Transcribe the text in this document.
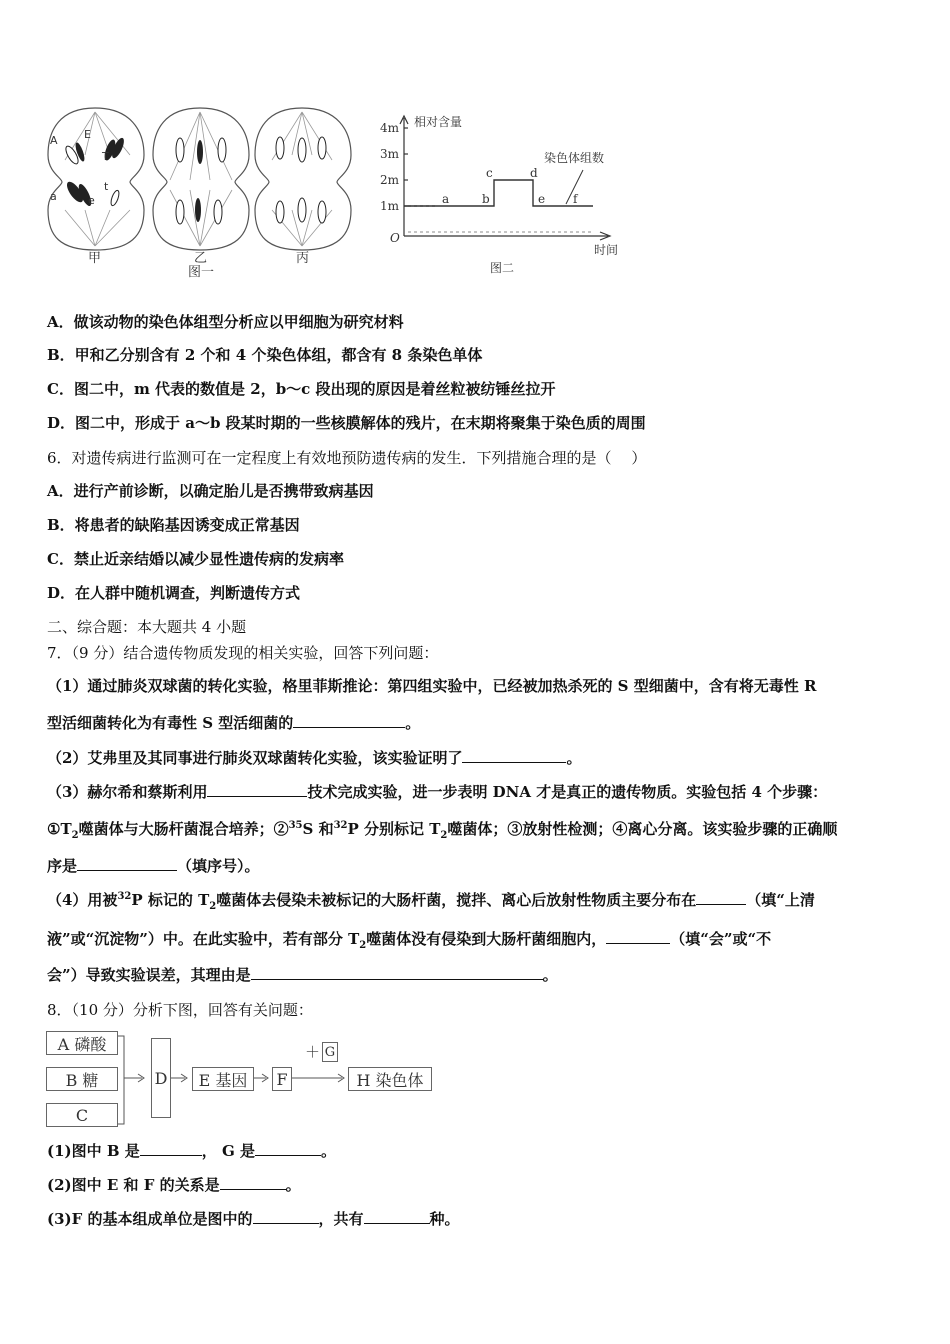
A E
T
a	e
t
甲	乙	丙
图一
4m
3m
2m
1m
相对含量
O
时间
染色体组数
a	b
c	d
e f
图二
A．做该动物的染色体组型分析应以甲细胞为研究材料
B．甲和乙分别含有 2 个和 4 个染色体组，都含有 8 条染色单体
C．图二中，m 代表的数值是 2，b～c 段出现的原因是着丝粒被纺锤丝拉开
D．图二中，形成于 a～b 段某时期的一些核膜解体的残片，在末期将聚集于染色质的周围
6．对遗传病进行监测可在一定程度上有效地预防遗传病的发生．下列措施合理的是（　 ）
A．进行产前诊断，以确定胎儿是否携带致病基因
B．将患者的缺陷基因诱变成正常基因
C．禁止近亲结婚以减少显性遗传病的发病率
D．在人群中随机调查，判断遗传方式
二、综合题：本大题共 4 小题
7．（9 分）结合遗传物质发现的相关实验，回答下列问题：
（1）通过肺炎双球菌的转化实验，格里菲斯推论：第四组实验中，已经被加热杀死的 S 型细菌中，含有将无毒性 R
型活细菌转化为有毒性 S 型活细菌的	。
（2）艾弗里及其同事进行肺炎双球菌转化实验，该实验证明了	。
（3）赫尔希和蔡斯利用	技术完成实验，进一步表明 DNA 才是真正的遗传物质。实验包括 4 个步骤：
$①T_2$噬菌体与大肠杆菌混合培养；②$^{35}$S 和$^{32}$P 分别标记 $T_2$噬菌体；③放射性检测；④离心分离。该实验步骤的正确顺
序是	（填序号）。
（4）用被$^{32}$P 标记的 $T_2$噬菌体去侵染未被标记的大肠杆菌，搅拌、离心后放射性物质主要分布在	（填“上清
液”或“沉淀物”）中。在此实验中，若有部分 $T_2$噬菌体没有侵染到大肠杆菌细胞内，	（填“会”或“不
会”）导致实验误差，其理由是	。
8．（10 分）分析下图，回答有关问题：
A 磷酸
B 糖
C
D	E 基因	F
G
＋
H 染色体
(1)图中 B 是	， G 是	。
(2)图中 E 和 F 的关系是	。
(3)F 的基本组成单位是图中的	，共有	种。
